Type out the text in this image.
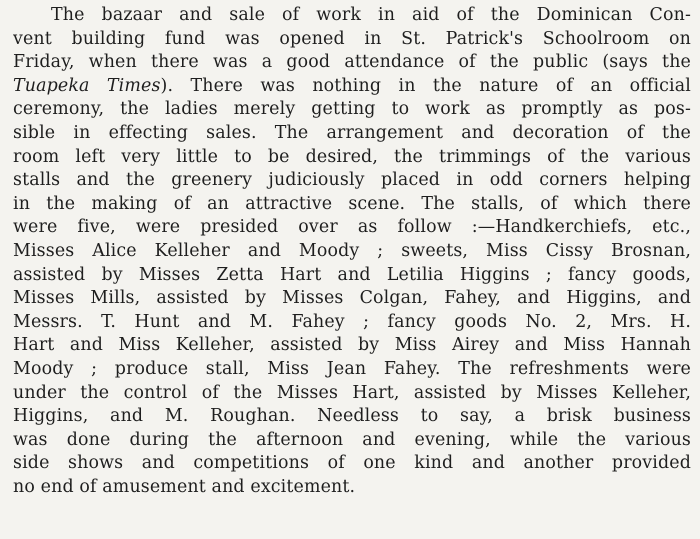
The bazaar and sale of work in aid of the Dominican Con-
vent building fund was opened in St. Patrick's Schoolroom on
Friday, when there was a good attendance of the public (says the
Tuapeka Times). There was nothing in the nature of an official
ceremony, the ladies merely getting to work as promptly as pos-
sible in effecting sales. The arrangement and decoration of the
room left very little to be desired, the trimmings of the various
stalls and the greenery judiciously placed in odd corners helping
in the making of an attractive scene. The stalls, of which there
were five, were presided over as follow :—Handkerchiefs, etc.,
Misses Alice Kelleher and Moody ; sweets, Miss Cissy Brosnan,
assisted by Misses Zetta Hart and Letilia Higgins ; fancy goods,
Misses Mills, assisted by Misses Colgan, Fahey, and Higgins, and
Messrs. T. Hunt and M. Fahey ; fancy goods No. 2, Mrs. H.
Hart and Miss Kelleher, assisted by Miss Airey and Miss Hannah
Moody ; produce stall, Miss Jean Fahey. The refreshments were
under the control of the Misses Hart, assisted by Misses Kelleher,
Higgins, and M. Roughan. Needless to say, a brisk business
was done during the afternoon and evening, while the various
side shows and competitions of one kind and another provided
no end of amusement and excitement.
